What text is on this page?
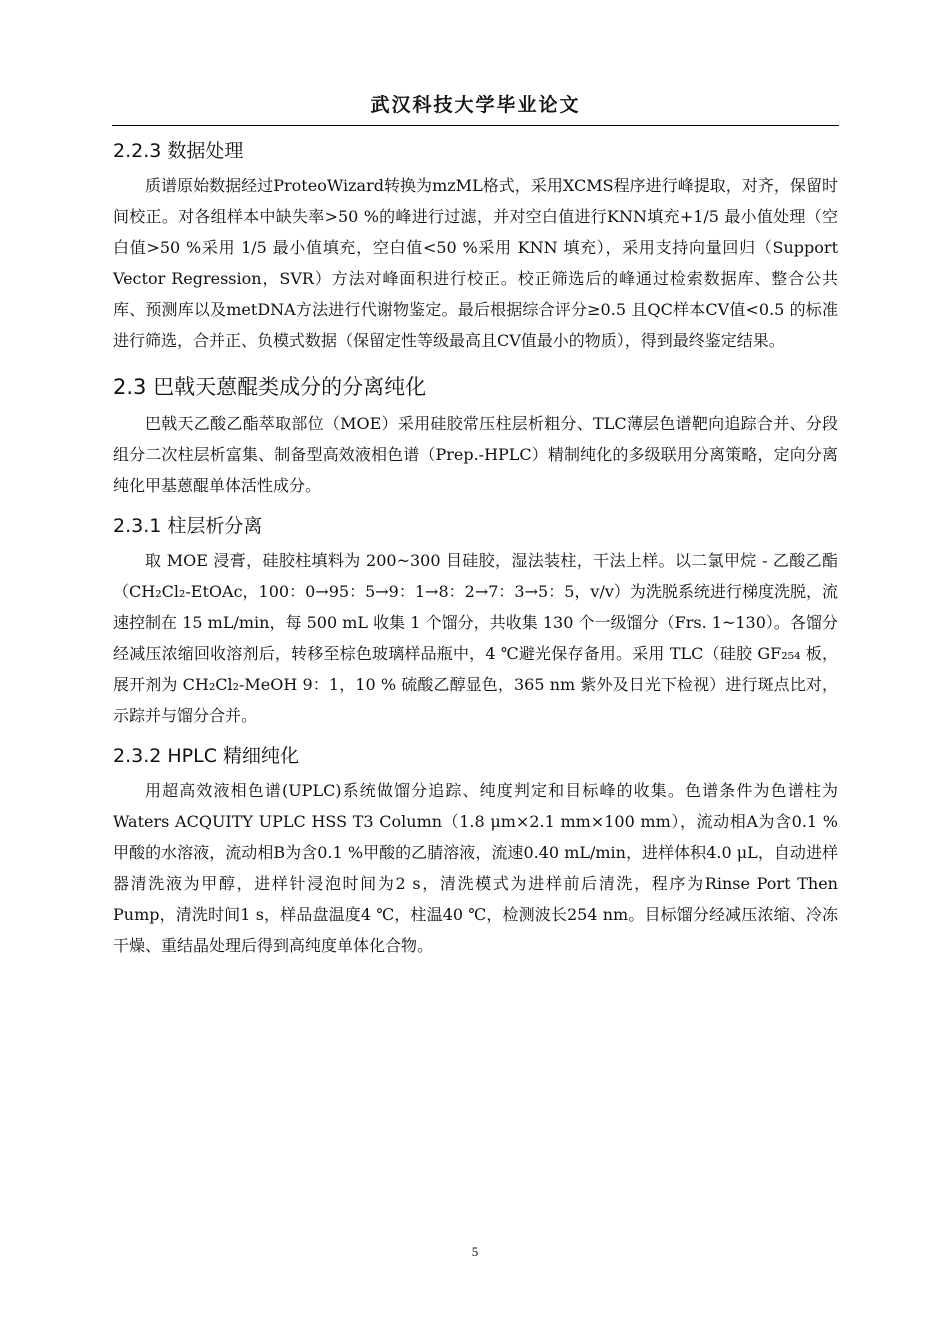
武汉科技大学毕业论文
2.2.3 数据处理

质谱原始数据经过ProteoWizard转换为mzML格式，采用XCMS程序进行峰提取，对齐，保留时间校正。对各组样本中缺失率>50 %的峰进行过滤，并对空白值进行KNN填充+1/5 最小值处理（空白值>50 %采用 1/5 最小值填充，空白值<50 %采用 KNN 填充），采用支持向量回归（Support Vector Regression，SVR）方法对峰面积进行校正。校正筛选后的峰通过检索数据库、整合公共库、预测库以及metDNA方法进行代谢物鉴定。最后根据综合评分≥0.5 且QC样本CV值<0.5 的标准进行筛选，合并正、负模式数据（保留定性等级最高且CV值最小的物质），得到最终鉴定结果。

2.3 巴戟天蒽醌类成分的分离纯化

巴戟天乙酸乙酯萃取部位（MOE）采用硅胶常压柱层析粗分、TLC薄层色谱靶向追踪合并、分段组分二次柱层析富集、制备型高效液相色谱（Prep.-HPLC）精制纯化的多级联用分离策略，定向分离纯化甲基蒽醌单体活性成分。

2.3.1 柱层析分离

取 MOE 浸膏，硅胶柱填料为 200~300 目硅胶，湿法装柱，干法上样。以二氯甲烷 - 乙酸乙酯（CH₂Cl₂-EtOAc，100：0→95：5→9：1→8：2→7：3→5：5，v/v）为洗脱系统进行梯度洗脱，流速控制在 15 mL/min，每 500 mL 收集 1 个馏分，共收集 130 个一级馏分（Frs. 1~130）。各馏分经减压浓缩回收溶剂后，转移至棕色玻璃样品瓶中，4 ℃避光保存备用。采用 TLC（硅胶 GF₂₅₄ 板，展开剂为 CH₂Cl₂-MeOH 9：1，10 % 硫酸乙醇显色，365 nm 紫外及日光下检视）进行斑点比对，示踪并与馏分合并。

2.3.2 HPLC 精细纯化

用超高效液相色谱(UPLC)系统做馏分追踪、纯度判定和目标峰的收集。色谱条件为色谱柱为Waters ACQUITY UPLC HSS T3 Column（1.8 μm×2.1 mm×100 mm），流动相A为含0.1 %甲酸的水溶液，流动相B为含0.1 %甲酸的乙腈溶液，流速0.40 mL/min，进样体积4.0 μL，自动进样器清洗液为甲醇，进样针浸泡时间为2 s，清洗模式为进样前后清洗，程序为Rinse Port Then Pump，清洗时间1 s，样品盘温度4 ℃，柱温40 ℃，检测波长254 nm。目标馏分经减压浓缩、冷冻干燥、重结晶处理后得到高纯度单体化合物。

5
